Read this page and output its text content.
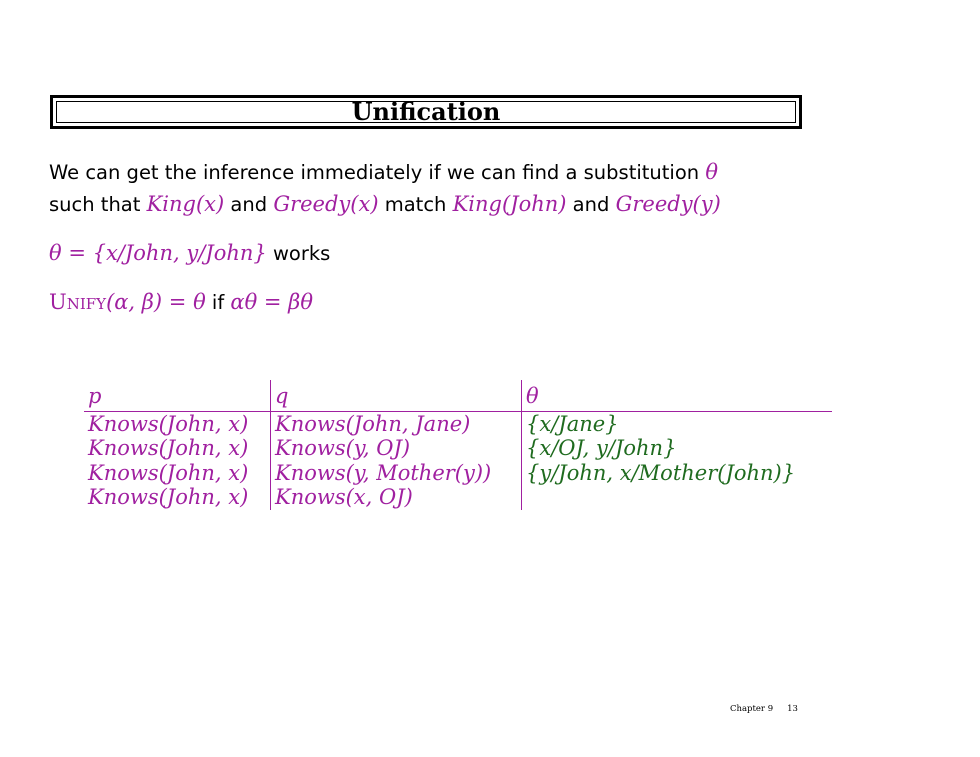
Unification
We can get the inference immediately if we can find a substitution θ
such that King(x) and Greedy(x) match King(John) and Greedy(y)
θ = {x/John, y/John} works
Unify(α, β) = θ if αθ = βθ
p	q	θ
Knows(John, x)	Knows(John, Jane)	{x/Jane}
Knows(John, x)	Knows(y, OJ)	{x/OJ, y/John}
Knows(John, x)	Knows(y, Mother(y))	{y/John, x/Mother(John)}
Knows(John, x)	Knows(x, OJ)	
Chapter 9 13
